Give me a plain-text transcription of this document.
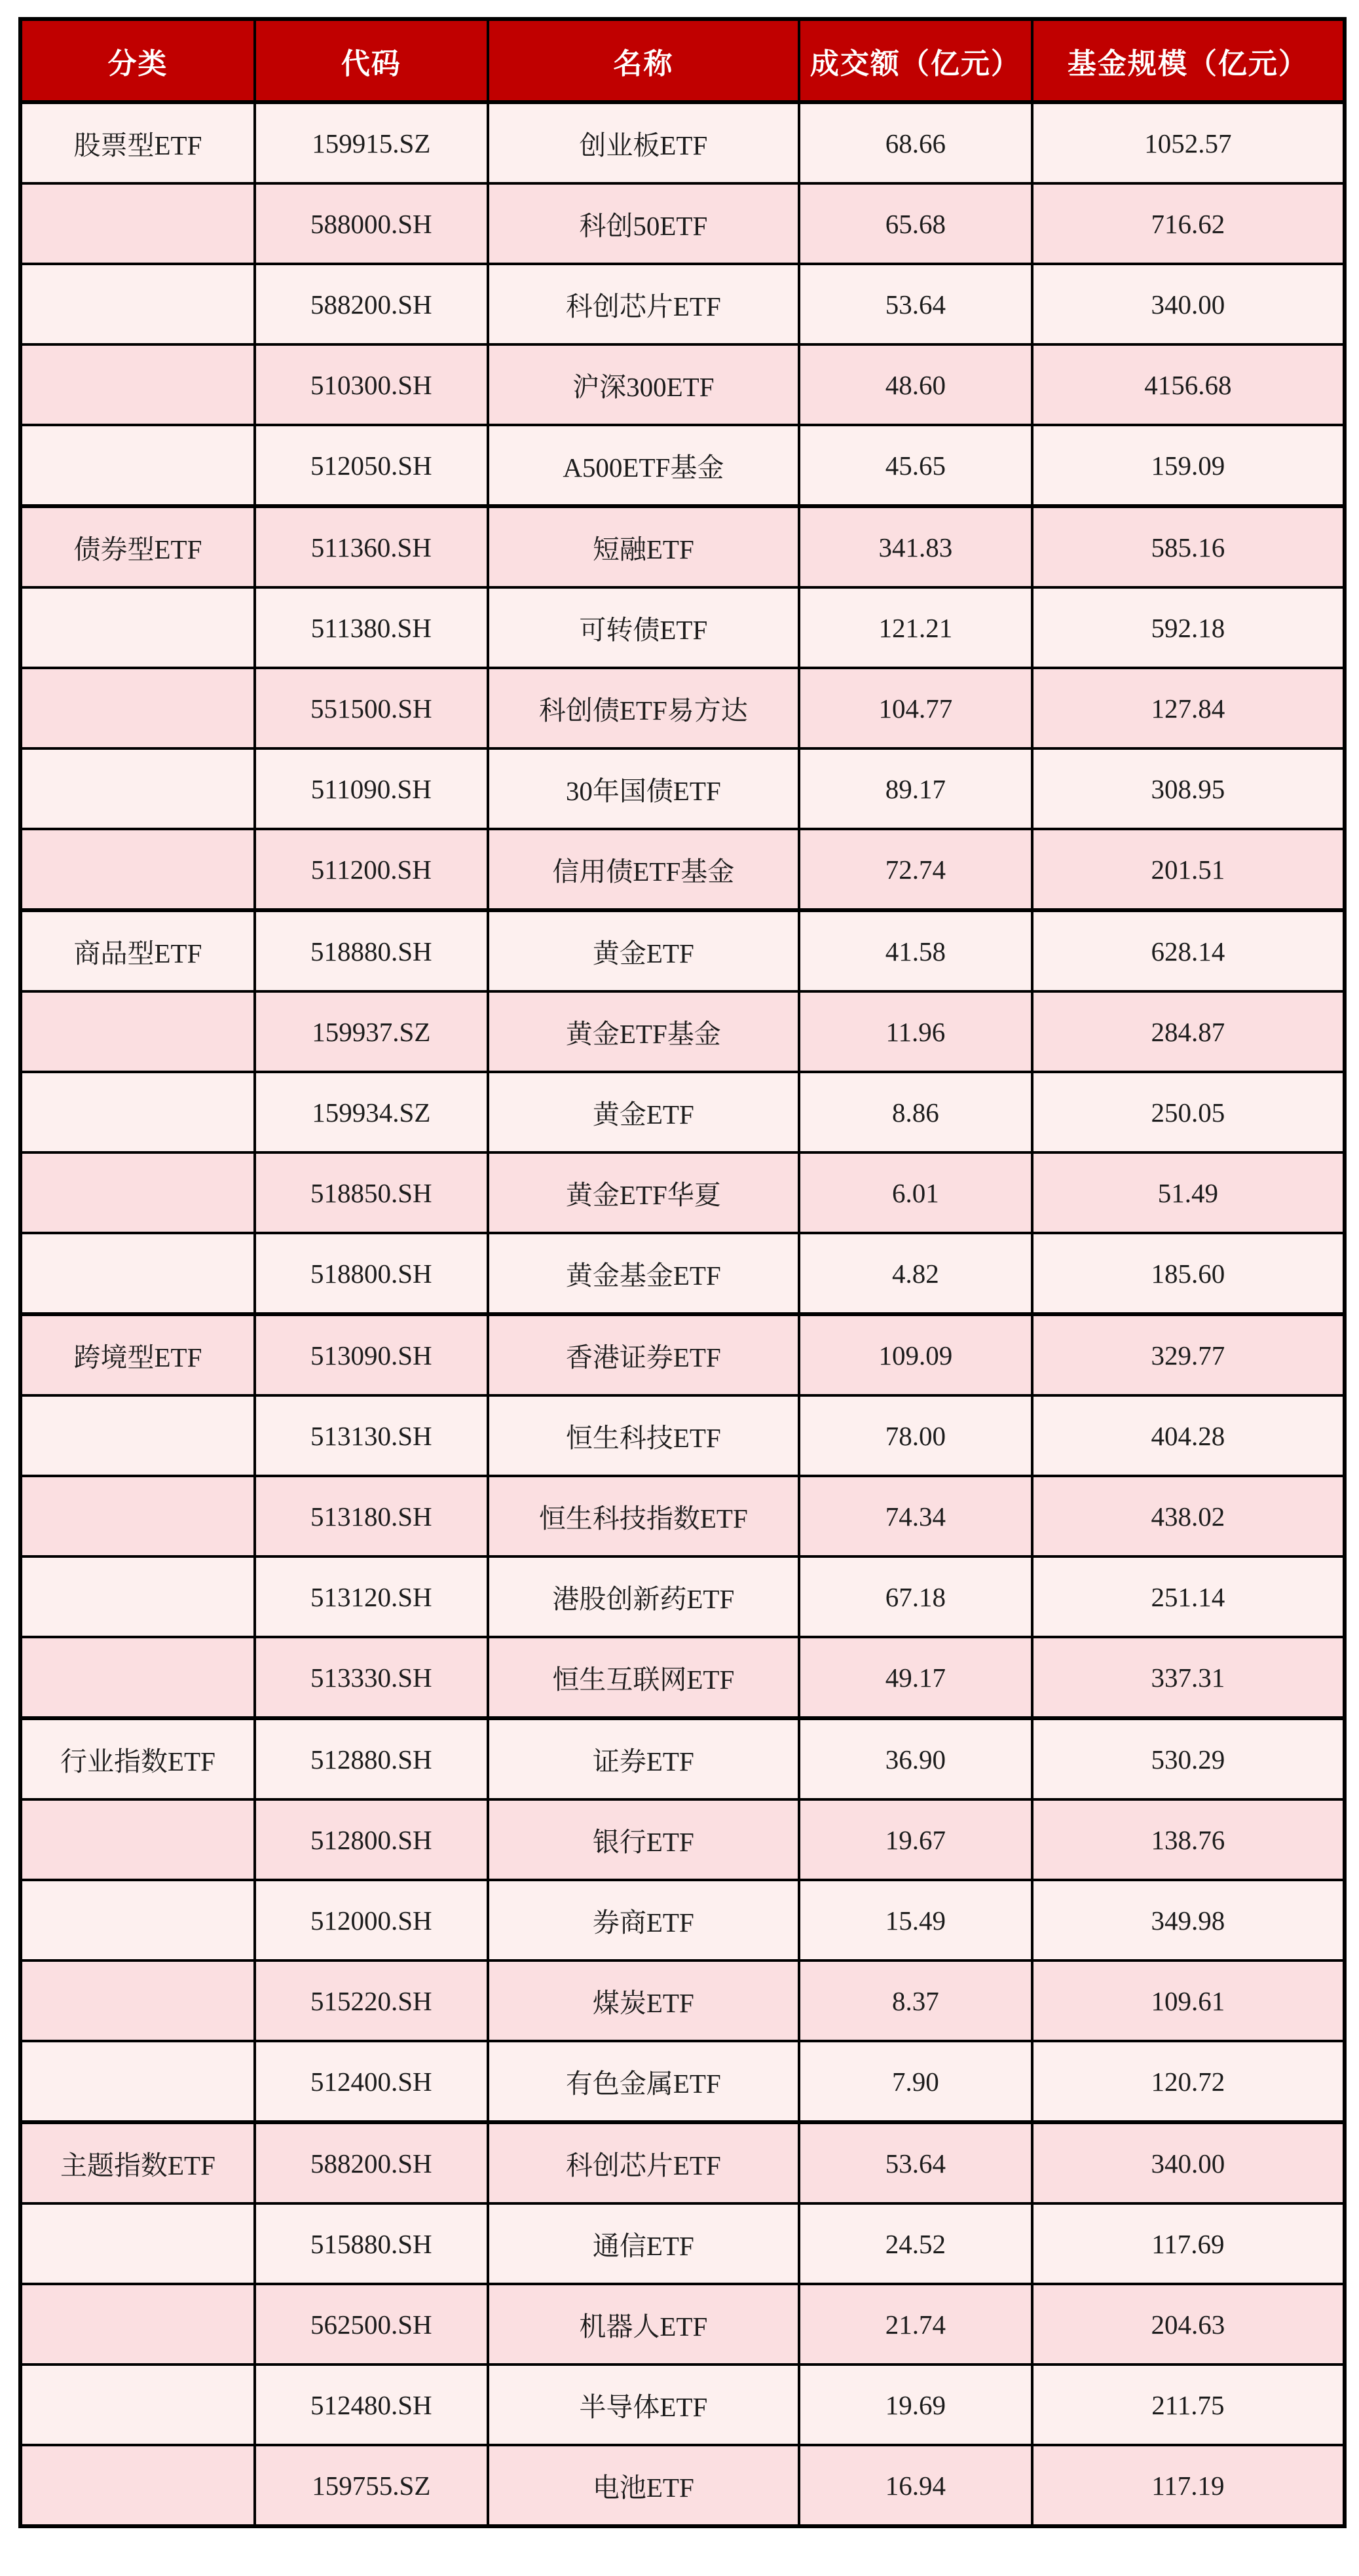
分类	代码	名称	成交额（亿元）	基金规模（亿元）
股票型ETF	159915.SZ	创业板ETF	68.66	1052.57
	588000.SH	科创50ETF	65.68	716.62
	588200.SH	科创芯片ETF	53.64	340.00
	510300.SH	沪深300ETF	48.60	4156.68
	512050.SH	A500ETF基金	45.65	159.09
债券型ETF	511360.SH	短融ETF	341.83	585.16
	511380.SH	可转债ETF	121.21	592.18
	551500.SH	科创债ETF易方达	104.77	127.84
	511090.SH	30年国债ETF	89.17	308.95
	511200.SH	信用债ETF基金	72.74	201.51
商品型ETF	518880.SH	黄金ETF	41.58	628.14
	159937.SZ	黄金ETF基金	11.96	284.87
	159934.SZ	黄金ETF	8.86	250.05
	518850.SH	黄金ETF华夏	6.01	51.49
	518800.SH	黄金基金ETF	4.82	185.60
跨境型ETF	513090.SH	香港证券ETF	109.09	329.77
	513130.SH	恒生科技ETF	78.00	404.28
	513180.SH	恒生科技指数ETF	74.34	438.02
	513120.SH	港股创新药ETF	67.18	251.14
	513330.SH	恒生互联网ETF	49.17	337.31
行业指数ETF	512880.SH	证券ETF	36.90	530.29
	512800.SH	银行ETF	19.67	138.76
	512000.SH	券商ETF	15.49	349.98
	515220.SH	煤炭ETF	8.37	109.61
	512400.SH	有色金属ETF	7.90	120.72
主题指数ETF	588200.SH	科创芯片ETF	53.64	340.00
	515880.SH	通信ETF	24.52	117.69
	562500.SH	机器人ETF	21.74	204.63
	512480.SH	半导体ETF	19.69	211.75
	159755.SZ	电池ETF	16.94	117.19
